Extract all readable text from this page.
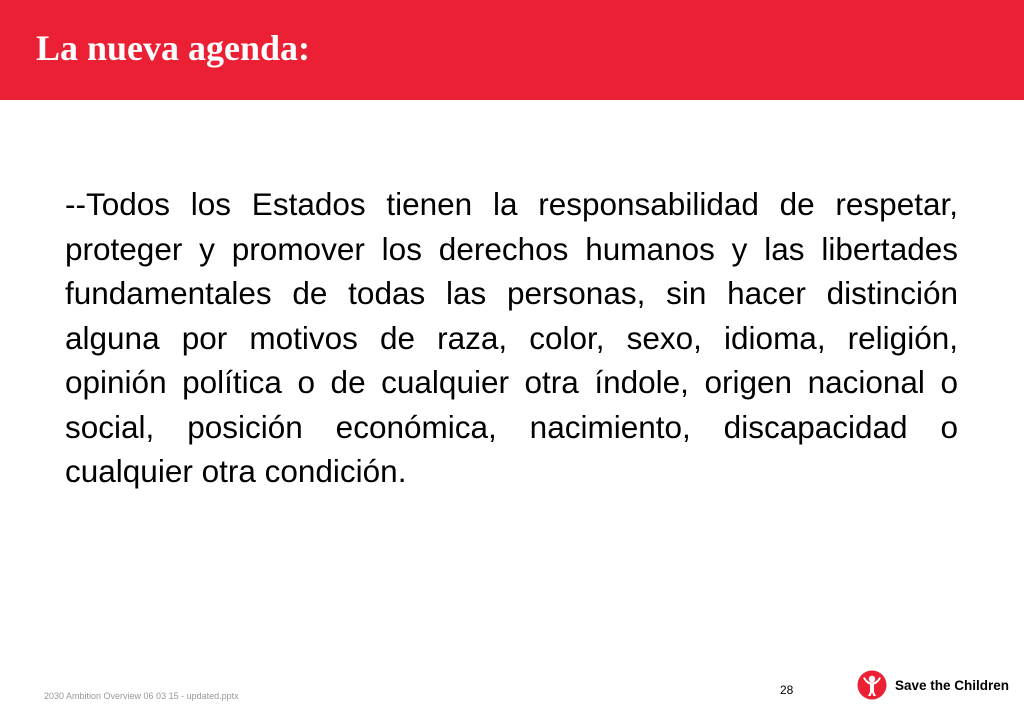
La nueva agenda:

--Todos los Estados tienen la responsabilidad de respetar, proteger y promover los derechos humanos y las libertades fundamentales de todas las personas, sin hacer distinción alguna por motivos de raza, color, sexo, idioma, religión, opinión política o de cualquier otra índole, origen nacional o social, posición económica, nacimiento, discapacidad o cualquier otra condición.

2030 Ambition Overview 06 03 15 - updated.pptx	28	Save the Children
